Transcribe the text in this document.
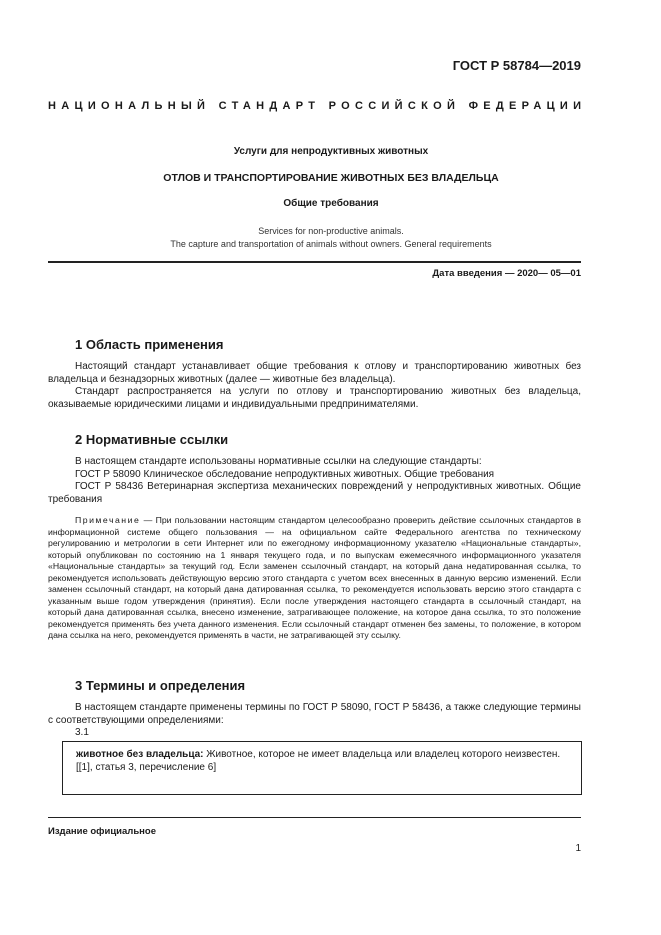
ГОСТ Р 58784—2019
НАЦИОНАЛЬНЫЙ СТАНДАРТ РОССИЙСКОЙ ФЕДЕРАЦИИ
Услуги для непродуктивных животных
ОТЛОВ И ТРАНСПОРТИРОВАНИЕ ЖИВОТНЫХ БЕЗ ВЛАДЕЛЬЦА
Общие требования
Services for non-productive animals.
The capture and transportation of animals without owners. General requirements
Дата введения — 2020— 05—01
1 Область применения

Настоящий стандарт устанавливает общие требования к отлову и транспортированию животных без владельца и безнадзорных животных (далее — животные без владельца).

Стандарт распространяется на услуги по отлову и транспортированию животных без владельца, оказываемые юридическими лицами и индивидуальными предпринимателями.

2 Нормативные ссылки

В настоящем стандарте использованы нормативные ссылки на следующие стандарты:

ГОСТ Р 58090 Клиническое обследование непродуктивных животных. Общие требования

ГОСТ Р 58436 Ветеринарная экспертиза механических повреждений у непродуктивных животных. Общие требования

Примечание — При пользовании настоящим стандартом целесообразно проверить действие ссылочных стандартов в информационной системе общего пользования — на официальном сайте Федерального агентства по техническому регулированию и метрологии в сети Интернет или по ежегодному информационному указателю «Национальные стандарты», который опубликован по состоянию на 1 января текущего года, и по выпускам ежемесячного информационного указателя «Национальные стандарты» за текущий год. Если заменен ссылочный стандарт, на который дана недатированная ссылка, то рекомендуется использовать действующую версию этого стандарта с учетом всех внесенных в данную версию изменений. Если заменен ссылочный стандарт, на который дана датированная ссылка, то рекомендуется использовать версию этого стандарта с указанным выше годом утверждения (принятия). Если после утверждения настоящего стандарта в ссылочный стандарт, на который дана датированная ссылка, внесено изменение, затрагивающее положение, на которое дана ссылка, то это положение рекомендуется применять без учета данного изменения. Если ссылочный стандарт отменен без замены, то положение, в котором дана ссылка на него, рекомендуется применять в части, не затрагивающей эту ссылку.

3 Термины и определения

В настоящем стандарте применены термины по ГОСТ Р 58090, ГОСТ Р 58436, а также следующие термины с соответствующими определениями:

3.1

животное без владельца: Животное, которое не имеет владельца или владелец которого неизвестен.

[[1], статья 3, перечисление 6]

Издание официальное
1
